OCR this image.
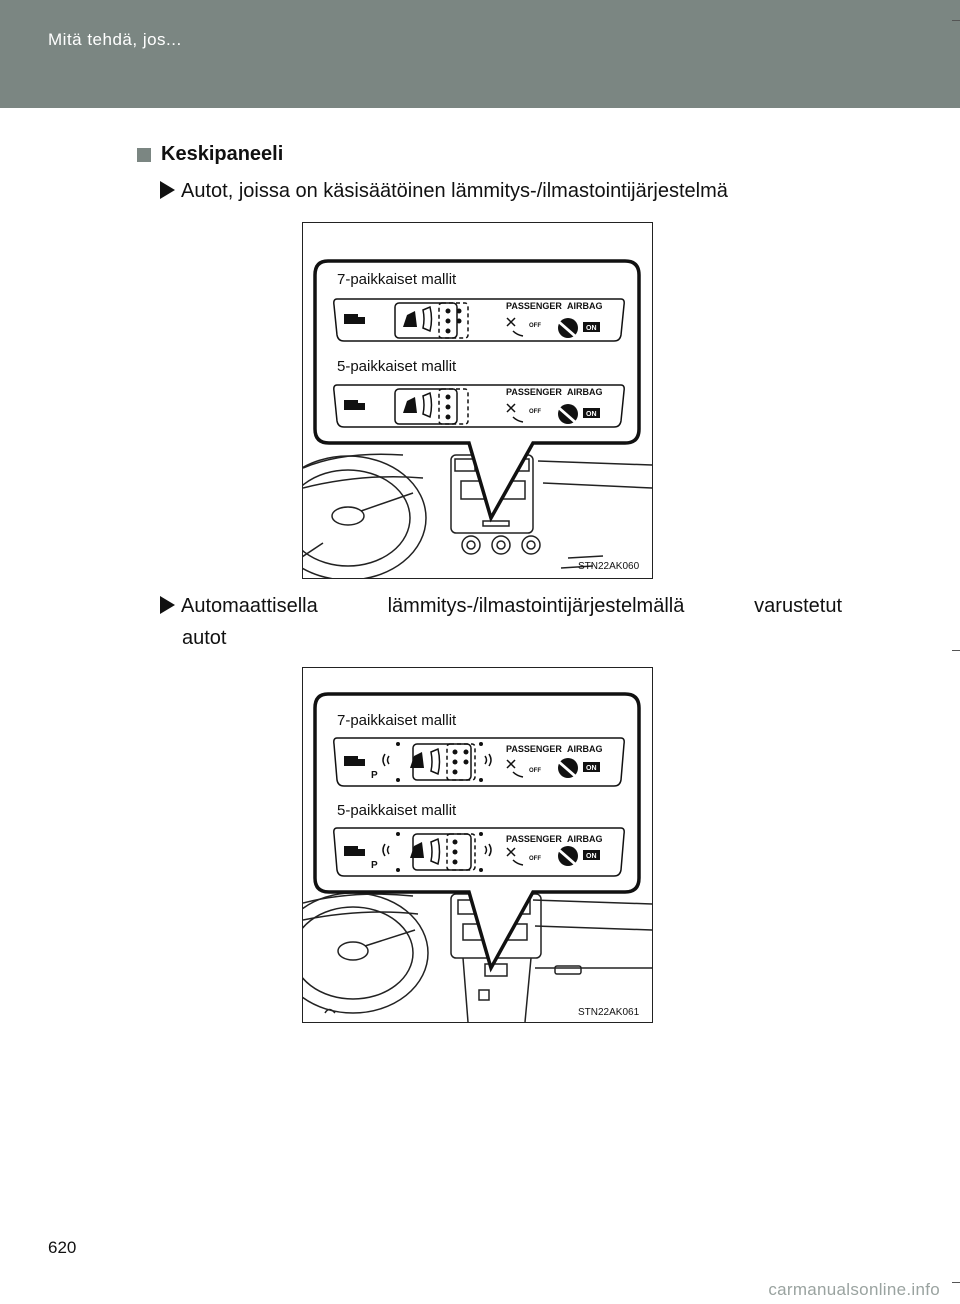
Mitä tehdä, jos...
Keskipaneeli
Autot, joissa on käsisäätöinen lämmitys-/ilmastointijärjestelmä
7-paikkaiset mallit
5-paikkaiset mallit
PASSENGER AIRBAG
OFF	ON
PASSENGER AIRBAG
OFF	ON
STN22AK060
Automaattisella	lämmitys-/ilmastointijärjestelmällä	varustetut
autot
P
P
7-paikkaiset mallit
5-paikkaiset mallit
PASSENGER AIRBAG
OFF	ON
PASSENGER AIRBAG
OFF	ON
STN22AK061
620
carmanualsonline.info
